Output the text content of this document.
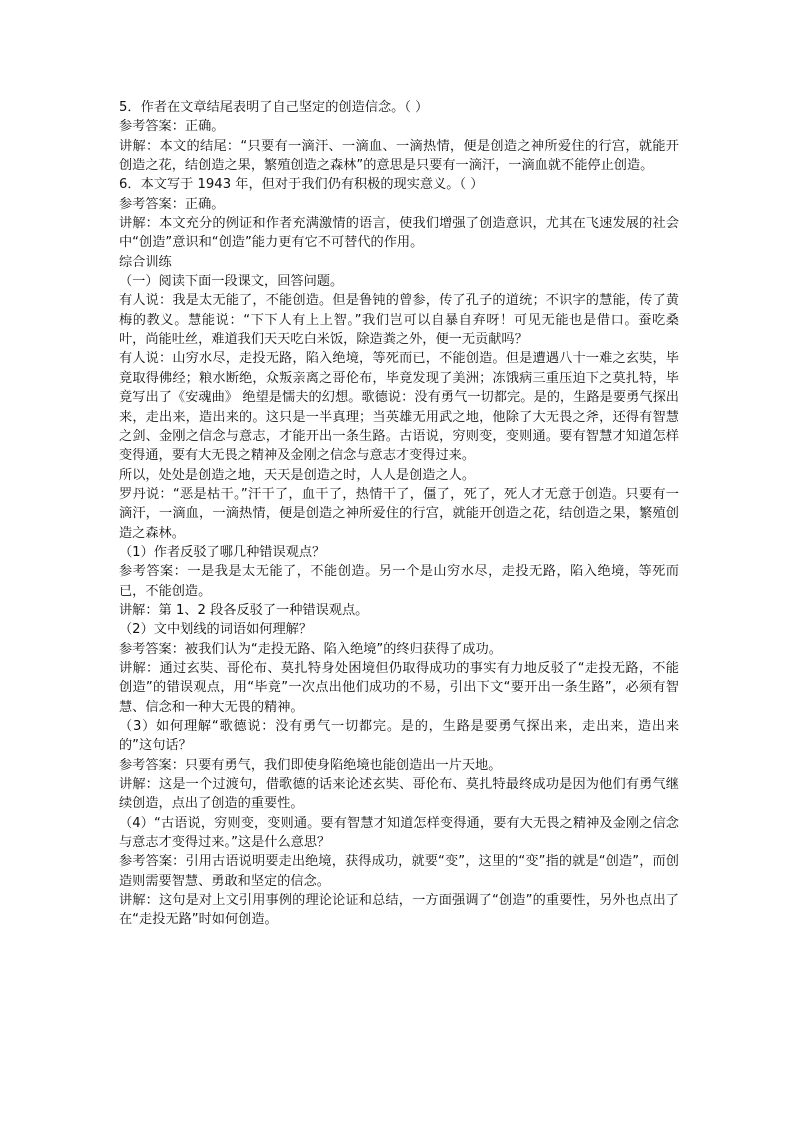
5．作者在文章结尾表明了自己坚定的创造信念。（ ）

参考答案：正确。

讲解：本文的结尾：“只要有一滴汗、一滴血、一滴热情，便是创造之神所爱住的行宫，就能开创造之花，结创造之果，繁殖创造之森林”的意思是只要有一滴汗，一滴血就不能停止创造。

6．本文写于 1943 年，但对于我们仍有积极的现实意义。（ ）

参考答案：正确。

讲解：本文充分的例证和作者充满激情的语言，使我们增强了创造意识，尤其在飞速发展的社会中“创造”意识和“创造”能力更有它不可替代的作用。

综合训练

（一）阅读下面一段课文，回答问题。

有人说：我是太无能了，不能创造。但是鲁钝的曾参，传了孔子的道统；不识字的慧能，传了黄梅的教义。慧能说：“下下人有上上智。”我们岂可以自暴自弃呀！可见无能也是借口。蚕吃桑叶，尚能吐丝，难道我们天天吃白米饭，除造粪之外，便一无贡献吗？

有人说：山穷水尽，走投无路，陷入绝境，等死而已，不能创造。但是遭遇八十一难之玄奘，毕竟取得佛经；粮水断绝，众叛亲离之哥伦布，毕竟发现了美洲；冻饿病三重压迫下之莫扎特，毕竟写出了《安魂曲》 绝望是懦夫的幻想。歌德说：没有勇气一切都完。是的，生路是要勇气探出来，走出来，造出来的。这只是一半真理；当英雄无用武之地，他除了大无畏之斧，还得有智慧之剑、金刚之信念与意志，才能开出一条生路。古语说，穷则变，变则通。要有智慧才知道怎样变得通，要有大无畏之精神及金刚之信念与意志才变得过来。

所以，处处是创造之地，天天是创造之时，人人是创造之人。

罗丹说：“恶是枯干。”汗干了，血干了，热情干了，僵了，死了，死人才无意于创造。只要有一滴汗，一滴血，一滴热情，便是创造之神所爱住的行宫，就能开创造之花，结创造之果，繁殖创造之森林。

（1）作者反驳了哪几种错误观点？

参考答案：一是我是太无能了，不能创造。另一个是山穷水尽，走投无路，陷入绝境，等死而已，不能创造。

讲解：第 1、2 段各反驳了一种错误观点。

（2）文中划线的词语如何理解？

参考答案：被我们认为“走投无路、陷入绝境”的终归获得了成功。

讲解：通过玄奘、哥伦布、莫扎特身处困境但仍取得成功的事实有力地反驳了“走投无路，不能创造”的错误观点，用“毕竟”一次点出他们成功的不易，引出下文“要开出一条生路”，必须有智慧、信念和一种大无畏的精神。

（3）如何理解“歌德说：没有勇气一切都完。是的，生路是要勇气探出来，走出来，造出来的”这句话？

参考答案：只要有勇气，我们即使身陷绝境也能创造出一片天地。

讲解：这是一个过渡句，借歌德的话来论述玄奘、哥伦布、莫扎特最终成功是因为他们有勇气继续创造，点出了创造的重要性。

（4）“古语说，穷则变，变则通。要有智慧才知道怎样变得通，要有大无畏之精神及金刚之信念与意志才变得过来。”这是什么意思？

参考答案：引用古语说明要走出绝境，获得成功，就要“变”，这里的“变”指的就是“创造”，而创造则需要智慧、勇敢和坚定的信念。

讲解：这句是对上文引用事例的理论论证和总结，一方面强调了“创造”的重要性，另外也点出了在“走投无路”时如何创造。
